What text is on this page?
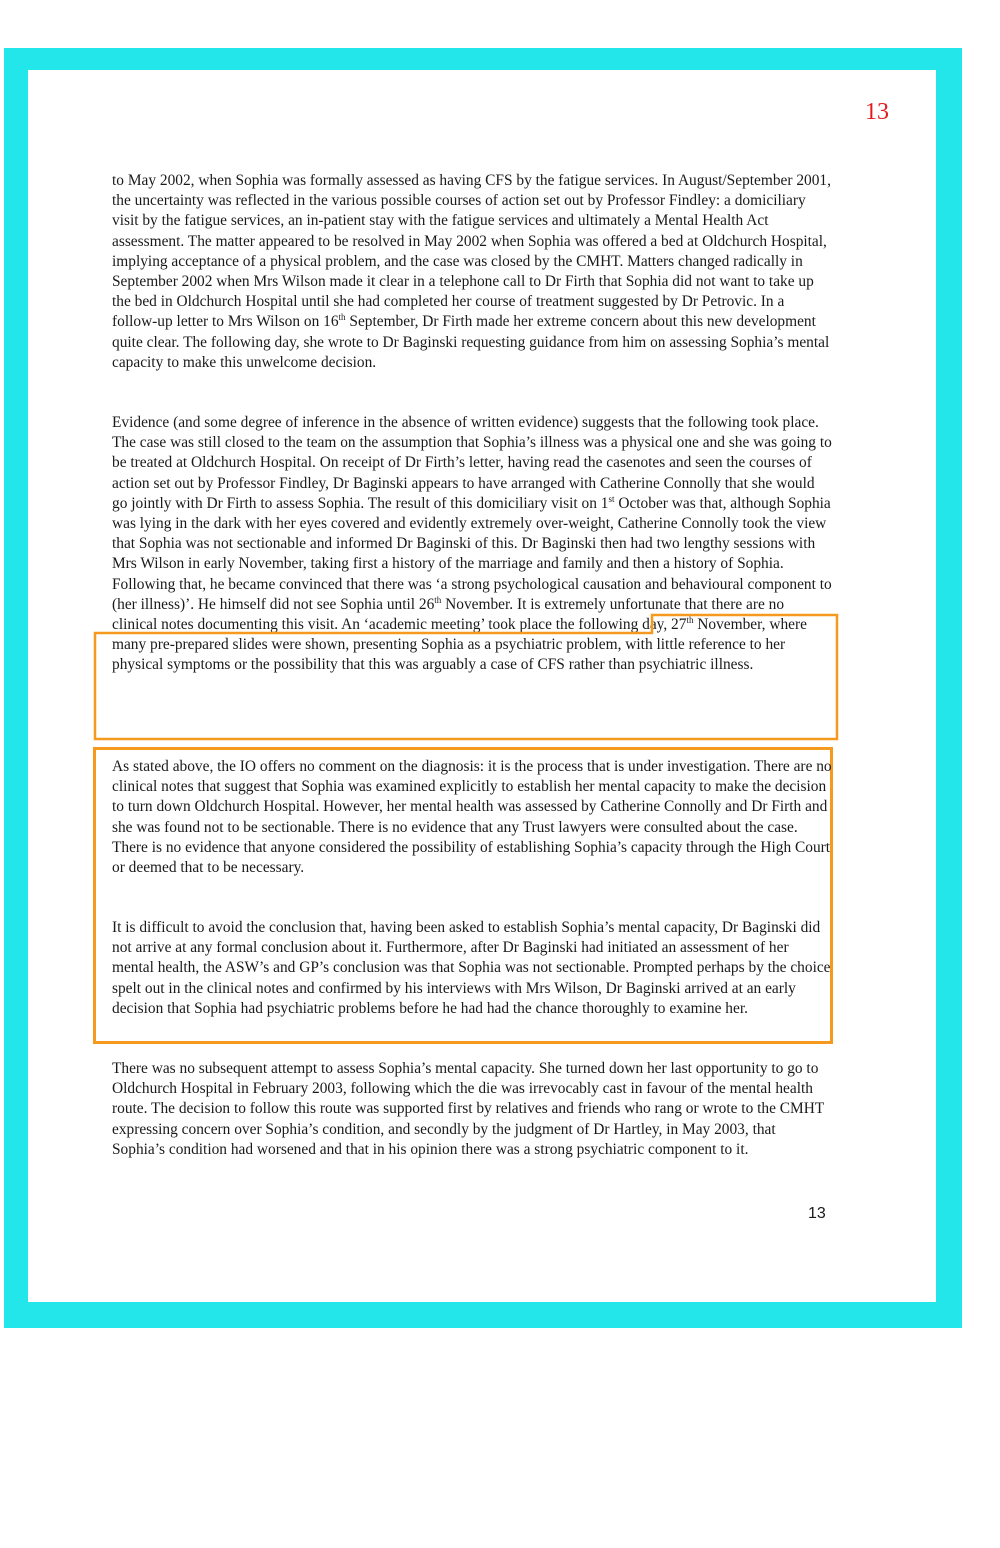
13

to May 2002, when Sophia was formally assessed as having CFS by the fatigue services. In August/September 2001, the uncertainty was reflected in the various possible courses of action set out by Professor Findley: a domiciliary visit by the fatigue services, an in-patient stay with the fatigue services and ultimately a Mental Health Act assessment. The matter appeared to be resolved in May 2002 when Sophia was offered a bed at Oldchurch Hospital, implying acceptance of a physical problem, and the case was closed by the CMHT. Matters changed radically in September 2002 when Mrs Wilson made it clear in a telephone call to Dr Firth that Sophia did not want to take up the bed in Oldchurch Hospital until she had completed her course of treatment suggested by Dr Petrovic. In a follow-up letter to Mrs Wilson on 16th September, Dr Firth made her extreme concern about this new development quite clear. The following day, she wrote to Dr Baginski requesting guidance from him on assessing Sophia’s mental capacity to make this unwelcome decision.

Evidence (and some degree of inference in the absence of written evidence) suggests that the following took place. The case was still closed to the team on the assumption that Sophia’s illness was a physical one and she was going to be treated at Oldchurch Hospital. On receipt of Dr Firth’s letter, having read the casenotes and seen the courses of action set out by Professor Findley, Dr Baginski appears to have arranged with Catherine Connolly that she would go jointly with Dr Firth to assess Sophia. The result of this domiciliary visit on 1st October was that, although Sophia was lying in the dark with her eyes covered and evidently extremely over-weight, Catherine Connolly took the view that Sophia was not sectionable and informed Dr Baginski of this. Dr Baginski then had two lengthy sessions with Mrs Wilson in early November, taking first a history of the marriage and family and then a history of Sophia. Following that, he became convinced that there was ‘a strong psychological causation and behavioural component to (her illness)’. He himself did not see Sophia until 26th November. It is extremely unfortunate that there are no clinical notes documenting this visit. An ‘academic meeting’ took place the following day, 27th November, where many pre-prepared slides were shown, presenting Sophia as a psychiatric problem, with little reference to her physical symptoms or the possibility that this was arguably a case of CFS rather than psychiatric illness.

As stated above, the IO offers no comment on the diagnosis: it is the process that is under investigation. There are no clinical notes that suggest that Sophia was examined explicitly to establish her mental capacity to make the decision to turn down Oldchurch Hospital. However, her mental health was assessed by Catherine Connolly and Dr Firth and she was found not to be sectionable. There is no evidence that any Trust lawyers were consulted about the case. There is no evidence that anyone considered the possibility of establishing Sophia’s capacity through the High Court or deemed that to be necessary.

It is difficult to avoid the conclusion that, having been asked to establish Sophia’s mental capacity, Dr Baginski did not arrive at any formal conclusion about it. Furthermore, after Dr Baginski had initiated an assessment of her mental health, the ASW’s and GP’s conclusion was that Sophia was not sectionable. Prompted perhaps by the choice spelt out in the clinical notes and confirmed by his interviews with Mrs Wilson, Dr Baginski arrived at an early decision that Sophia had psychiatric problems before he had had the chance thoroughly to examine her.

There was no subsequent attempt to assess Sophia’s mental capacity. She turned down her last opportunity to go to Oldchurch Hospital in February 2003, following which the die was irrevocably cast in favour of the mental health route. The decision to follow this route was supported first by relatives and friends who rang or wrote to the CMHT expressing concern over Sophia’s condition, and secondly by the judgment of Dr Hartley, in May 2003, that Sophia’s condition had worsened and that in his opinion there was a strong psychiatric component to it.

13
